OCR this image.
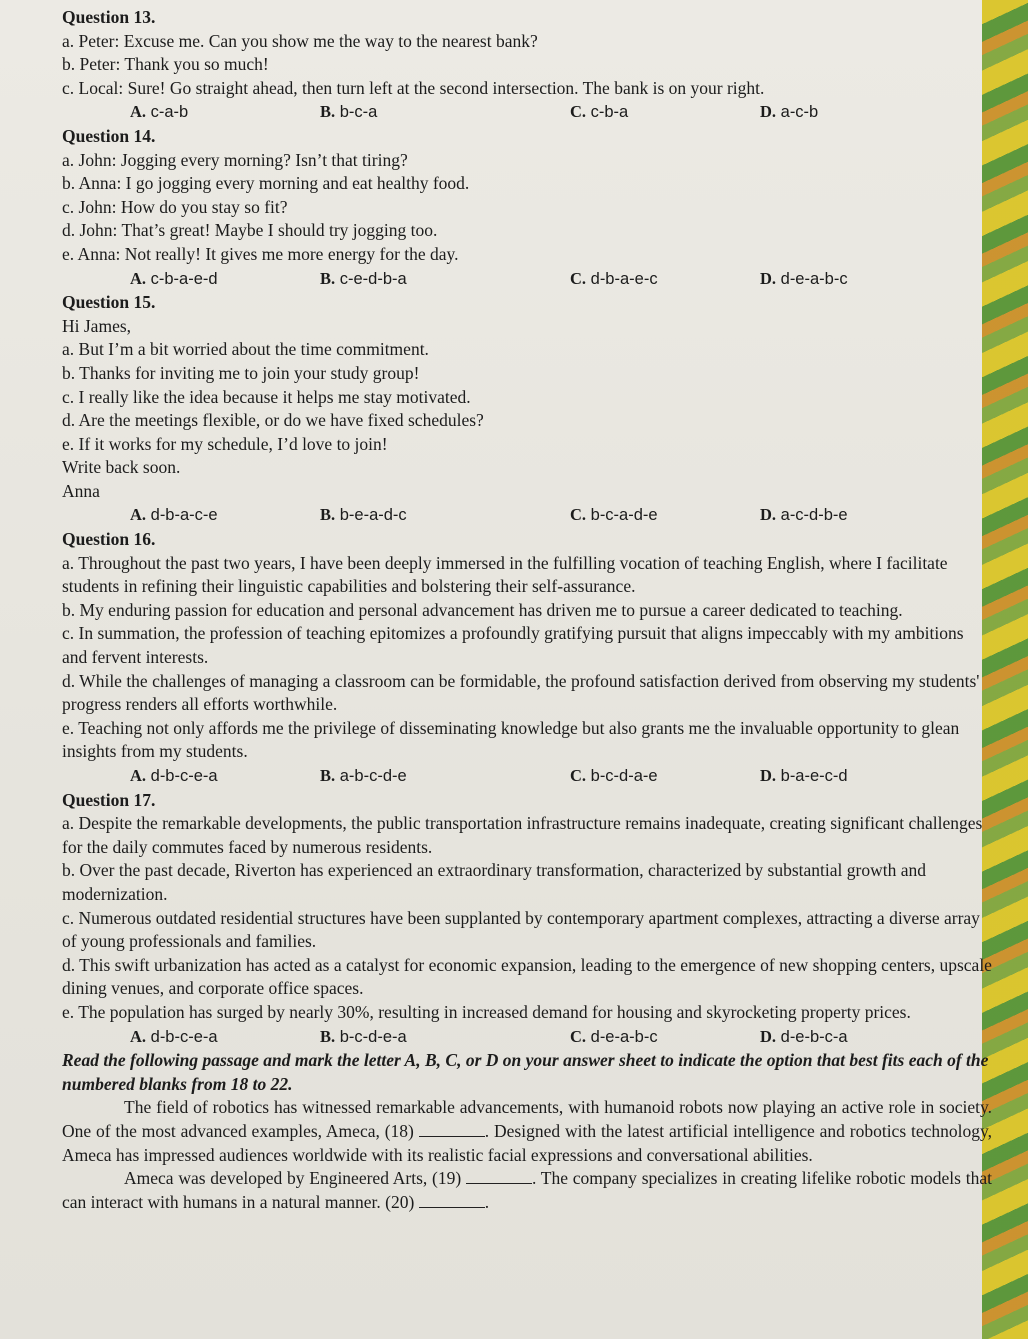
Question 13.

a. Peter: Excuse me. Can you show me the way to the nearest bank?

b. Peter: Thank you so much!

c. Local: Sure! Go straight ahead, then turn left at the second intersection. The bank is on your right.

A. c-a-b	B. b-c-a	C. c-b-a	D. a-c-b

Question 14.

a. John: Jogging every morning? Isn’t that tiring?

b. Anna: I go jogging every morning and eat healthy food.

c. John: How do you stay so fit?

d. John: That’s great! Maybe I should try jogging too.

e. Anna: Not really! It gives me more energy for the day.

A. c-b-a-e-d	B. c-e-d-b-a	C. d-b-a-e-c	D. d-e-a-b-c

Question 15.

Hi James,

a. But I’m a bit worried about the time commitment.

b. Thanks for inviting me to join your study group!

c. I really like the idea because it helps me stay motivated.

d. Are the meetings flexible, or do we have fixed schedules?

e. If it works for my schedule, I’d love to join!

Write back soon.

Anna

A. d-b-a-c-e	B. b-e-a-d-c	C. b-c-a-d-e	D. a-c-d-b-e

Question 16.

a. Throughout the past two years, I have been deeply immersed in the fulfilling vocation of teaching English, where I facilitate students in refining their linguistic capabilities and bolstering their self-assurance.

b. My enduring passion for education and personal advancement has driven me to pursue a career dedicated to teaching.

c. In summation, the profession of teaching epitomizes a profoundly gratifying pursuit that aligns impeccably with my ambitions and fervent interests.

d. While the challenges of managing a classroom can be formidable, the profound satisfaction derived from observing my students' progress renders all efforts worthwhile.

e. Teaching not only affords me the privilege of disseminating knowledge but also grants me the invaluable opportunity to glean insights from my students.

A. d-b-c-e-a	B. a-b-c-d-e	C. b-c-d-a-e	D. b-a-e-c-d

Question 17.

a. Despite the remarkable developments, the public transportation infrastructure remains inadequate, creating significant challenges for the daily commutes faced by numerous residents.

b. Over the past decade, Riverton has experienced an extraordinary transformation, characterized by substantial growth and modernization.

c. Numerous outdated residential structures have been supplanted by contemporary apartment complexes, attracting a diverse array of young professionals and families.

d. This swift urbanization has acted as a catalyst for economic expansion, leading to the emergence of new shopping centers, upscale dining venues, and corporate office spaces.

e. The population has surged by nearly 30%, resulting in increased demand for housing and skyrocketing property prices.

A. d-b-c-e-a	B. b-c-d-e-a	C. d-e-a-b-c	D. d-e-b-c-a

Read the following passage and mark the letter A, B, C, or D on your answer sheet to indicate the option that best fits each of the numbered blanks from 18 to 22.

The field of robotics has witnessed remarkable advancements, with humanoid robots now playing an active role in society. One of the most advanced examples, Ameca, (18)	. Designed with the latest artificial intelligence and robotics technology, Ameca has impressed audiences worldwide with its realistic facial expressions and conversational abilities.

Ameca was developed by Engineered Arts, (19)	. The company specializes in creating lifelike robotic models that can interact with humans in a natural manner. (20)	.
